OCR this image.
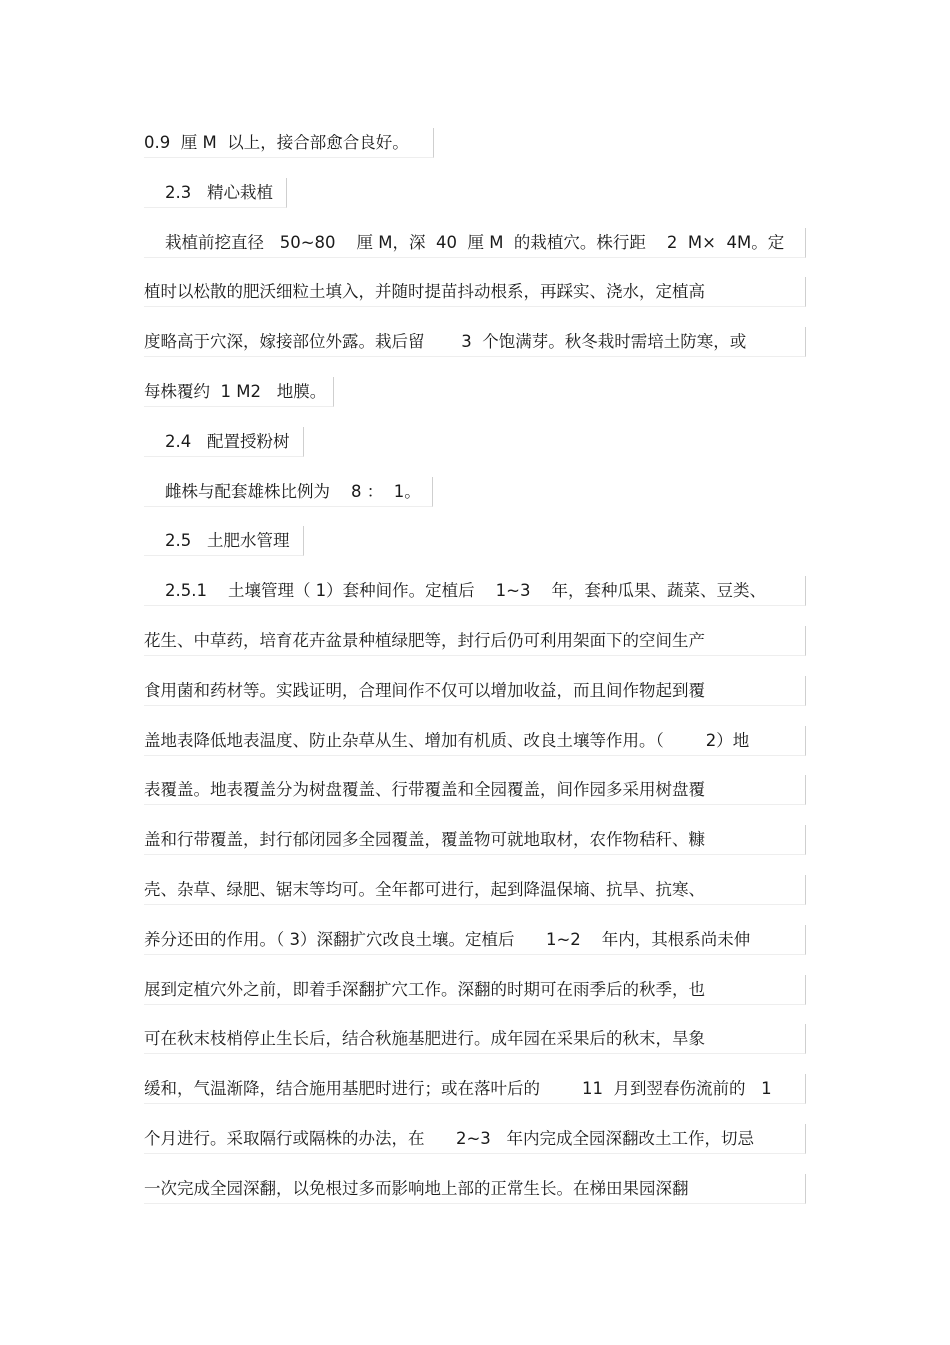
0.9  厘 M  以上，接合部愈合良好。
2.3   精心栽植
栽植前挖直径   50~80    厘 M，深  40  厘 M  的栽植穴。株行距    2  M×  4M。定
植时以松散的肥沃细粒土填入，并随时提苗抖动根系，再踩实、浇水，定植高
度略高于穴深，嫁接部位外露。栽后留       3  个饱满芽。秋冬栽时需培土防寒，或
每株覆约  1 M2   地膜。
2.4   配置授粉树
雌株与配套雄株比例为    8 ：  1。
2.5   土肥水管理
2.5.1    土壤管理（ 1）套种间作。定植后    1~3    年，套种瓜果、蔬菜、豆类、
花生、中草药，培育花卉盆景种植绿肥等，封行后仍可利用架面下的空间生产
食用菌和药材等。实践证明，合理间作不仅可以增加收益，而且间作物起到覆
盖地表降低地表温度、防止杂草从生、增加有机质、改良土壤等作用。（        2）地
表覆盖。地表覆盖分为树盘覆盖、行带覆盖和全园覆盖，间作园多采用树盘覆
盖和行带覆盖，封行郁闭园多全园覆盖，覆盖物可就地取材，农作物秸秆、糠
壳、杂草、绿肥、锯末等均可。全年都可进行，起到降温保墒、抗旱、抗寒、
养分还田的作用。（ 3）深翻扩穴改良土壤。定植后      1~2    年内，其根系尚未伸
展到定植穴外之前，即着手深翻扩穴工作。深翻的时期可在雨季后的秋季，也
可在秋末枝梢停止生长后，结合秋施基肥进行。成年园在采果后的秋末，旱象
缓和，气温渐降，结合施用基肥时进行；或在落叶后的        11  月到翌春伤流前的   1
个月进行。采取隔行或隔株的办法，在      2~3   年内完成全园深翻改土工作，切忌
一次完成全园深翻，以免根过多而影响地上部的正常生长。在梯田果园深翻
